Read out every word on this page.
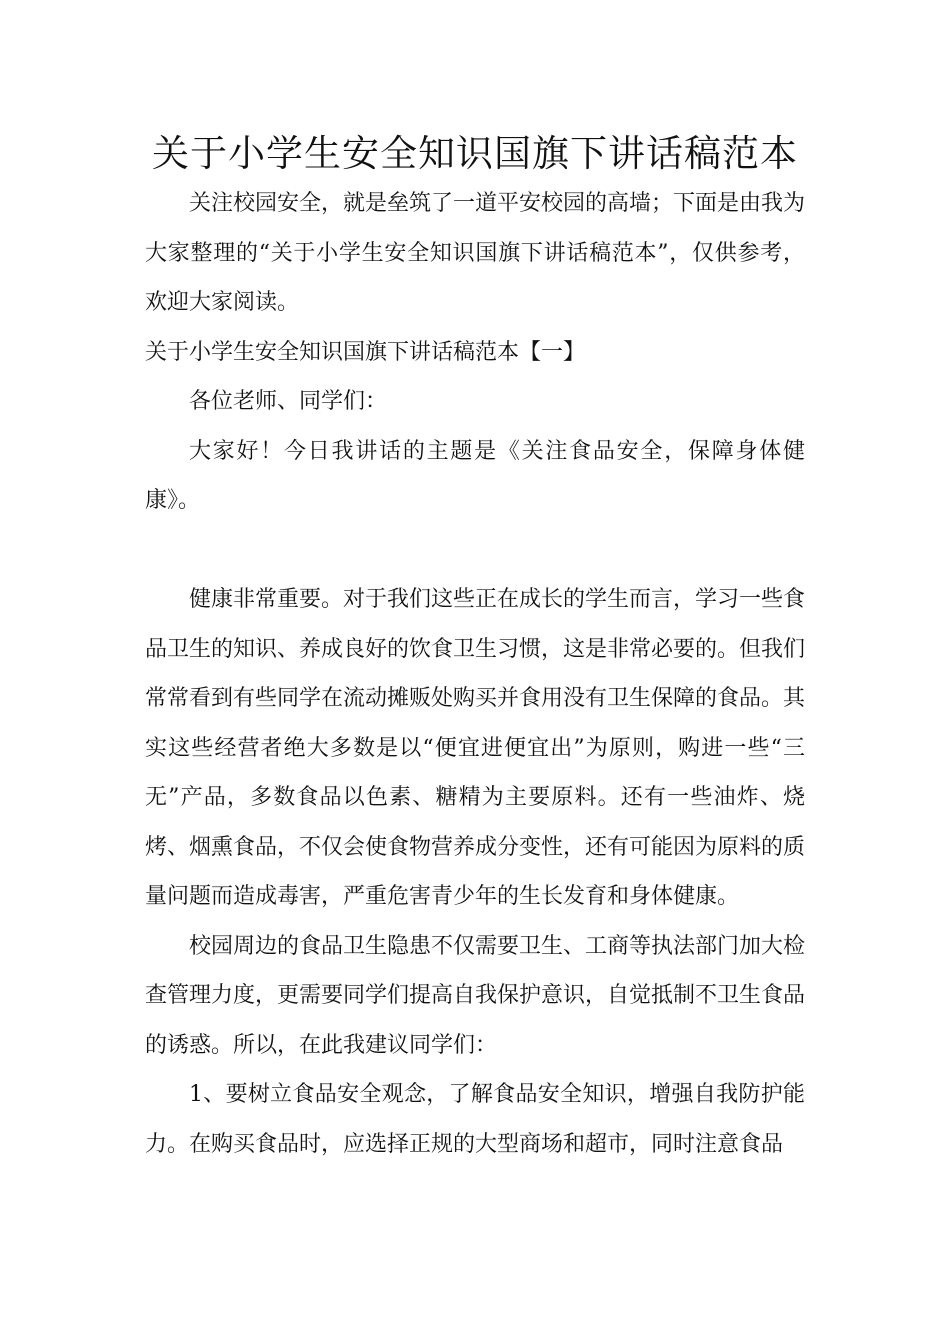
关于小学生安全知识国旗下讲话稿范本

关注校园安全，就是垒筑了一道平安校园的高墙；下面是由我为大家整理的“关于小学生安全知识国旗下讲话稿范本”，仅供参考，欢迎大家阅读。

关于小学生安全知识国旗下讲话稿范本【一】

各位老师、同学们：

大家好！今日我讲话的主题是《关注食品安全，保障身体健康》。

健康非常重要。对于我们这些正在成长的学生而言，学习一些食品卫生的知识、养成良好的饮食卫生习惯，这是非常必要的。但我们常常看到有些同学在流动摊贩处购买并食用没有卫生保障的食品。其实这些经营者绝大多数是以“便宜进便宜出”为原则，购进一些“三无”产品，多数食品以色素、糖精为主要原料。还有一些油炸、烧烤、烟熏食品，不仅会使食物营养成分变性，还有可能因为原料的质量问题而造成毒害，严重危害青少年的生长发育和身体健康。

校园周边的食品卫生隐患不仅需要卫生、工商等执法部门加大检查管理力度，更需要同学们提高自我保护意识，自觉抵制不卫生食品的诱惑。所以，在此我建议同学们：

1、要树立食品安全观念，了解食品安全知识，增强自我防护能力。在购买食品时，应选择正规的大型商场和超市，同时注意食品
